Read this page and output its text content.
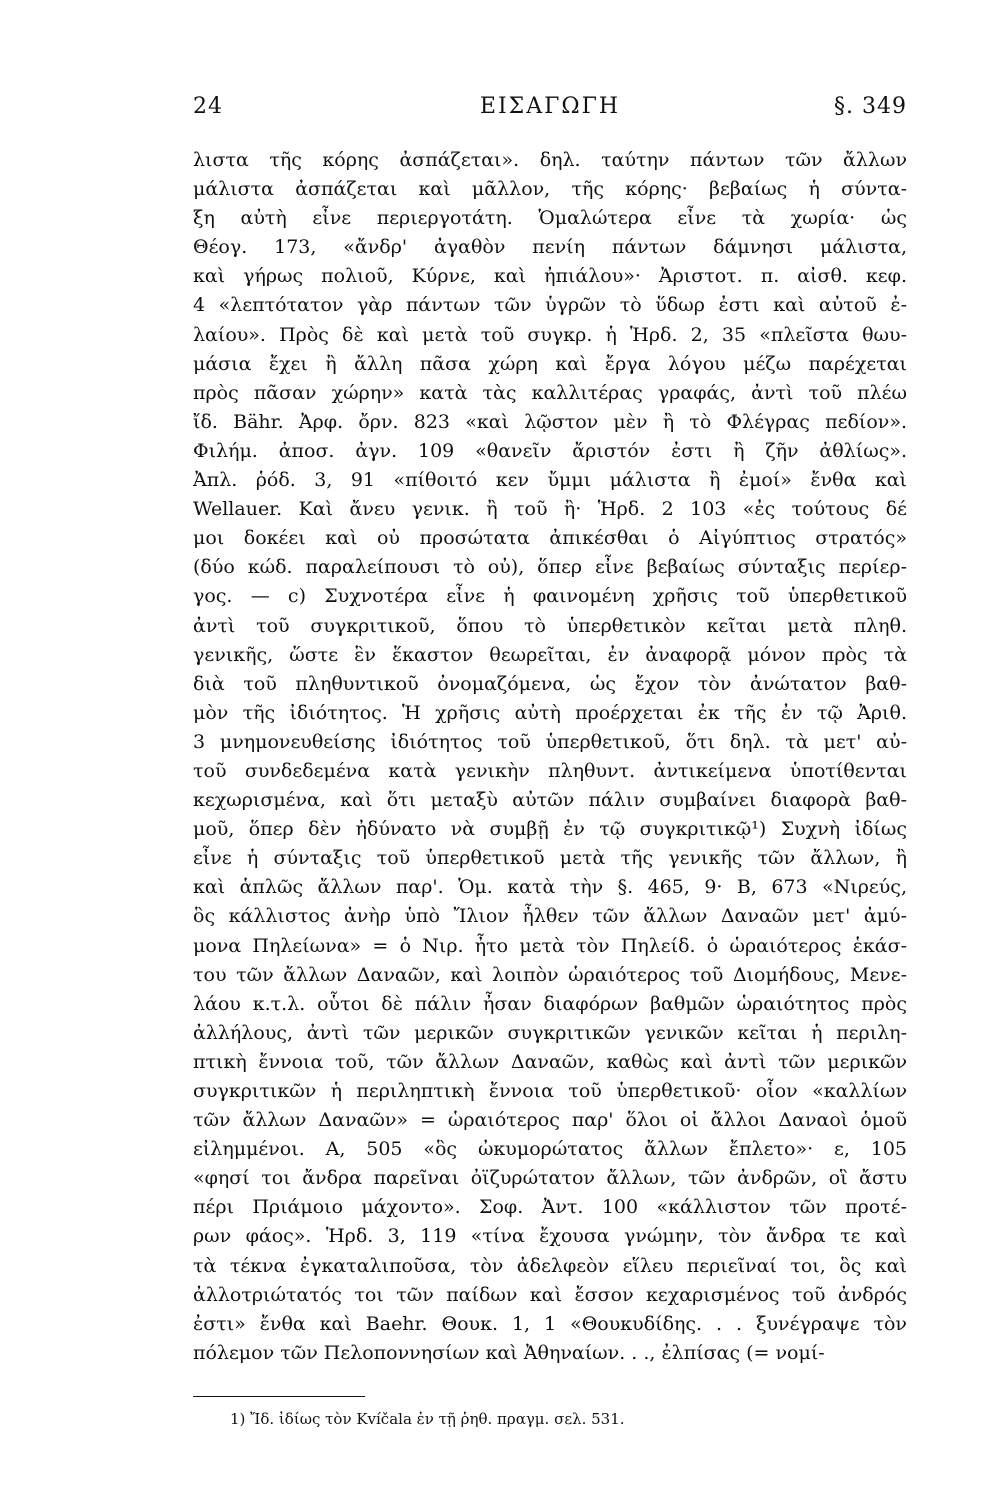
24	ΕΙΣΑΓΩΓΗ	§. 349
λιστα τῆς κόρης ἀσπάζεται». δηλ. ταύτην πάντων τῶν ἄλλων
μάλιστα ἀσπάζεται καὶ μᾶλλον, τῆς κόρης· βεβαίως ἡ σύντα-
ξη αὐτὴ εἶνε περιεργοτάτη. Ὁμαλώτερα εἶνε τὰ χωρία· ὡς
Θέογ. 173, «ἄνδρ' ἀγαθὸν πενίη πάντων δάμνησι μάλιστα,
καὶ γήρως πολιοῦ, Κύρνε, καὶ ἠπιάλου»· Ἀριστοτ. π. αἰσθ. κεφ.
4 «λεπτότατον γὰρ πάντων τῶν ὑγρῶν τὸ ὕδωρ ἐστι καὶ αὐτοῦ ἐ-
λαίου». Πρὸς δὲ καὶ μετὰ τοῦ συγκρ. ἡ Ἡρδ. 2, 35 «πλεῖστα θωυ-
μάσια ἔχει ἢ ἄλλη πᾶσα χώρη καὶ ἔργα λόγου μέζω παρέχεται
πρὸς πᾶσαν χώρην» κατὰ τὰς καλλιτέρας γραφάς, ἀντὶ τοῦ πλέω
ἴδ. Bähr. Ἀρφ. ὄρν. 823 «καὶ λῷστον μὲν ἢ τὸ Φλέγρας πεδίον».
Φιλήμ. ἀποσ. ἀγν. 109 «θανεῖν ἄριστόν ἐστι ἢ ζῆν ἀθλίως».
Ἀπλ. ῥόδ. 3, 91 «πίθοιτό κεν ὔμμι μάλιστα ἢ ἐμοί» ἔνθα καὶ
Wellauer. Καὶ ἄνευ γενικ. ἢ τοῦ ἢ· Ἡρδ. 2 103 «ἐς τούτους δέ
μοι δοκέει καὶ οὐ προσώτατα ἀπικέσθαι ὁ Αἰγύπτιος στρατός»
(δύο κώδ. παραλείπουσι τὸ οὐ), ὅπερ εἶνε βεβαίως σύνταξις περίερ-
γος. — c) Συχνοτέρα εἶνε ἡ φαινομένη χρῆσις τοῦ ὑπερθετικοῦ
ἀντὶ τοῦ συγκριτικοῦ, ὅπου τὸ ὑπερθετικὸν κεῖται μετὰ πληθ.
γενικῆς, ὥστε ἓν ἕκαστον θεωρεῖται, ἐν ἀναφορᾷ μόνον πρὸς τὰ
διὰ τοῦ πληθυντικοῦ ὀνομαζόμενα, ὡς ἔχον τὸν ἀνώτατον βαθ-
μὸν τῆς ἰδιότητος. Ἡ χρῆσις αὐτὴ προέρχεται ἐκ τῆς ἐν τῷ Ἀριθ.
3 μνημονευθείσης ἰδιότητος τοῦ ὑπερθετικοῦ, ὅτι δηλ. τὰ μετ' αὐ-
τοῦ συνδεδεμένα κατὰ γενικὴν πληθυντ. ἀντικείμενα ὑποτίθενται
κεχωρισμένα, καὶ ὅτι μεταξὺ αὐτῶν πάλιν συμβαίνει διαφορὰ βαθ-
μοῦ, ὅπερ δὲν ἠδύνατο νὰ συμβῇ ἐν τῷ συγκριτικῷ¹) Συχνὴ ἰδίως
εἶνε ἡ σύνταξις τοῦ ὑπερθετικοῦ μετὰ τῆς γενικῆς τῶν ἄλλων, ἢ
καὶ ἁπλῶς ἄλλων παρ'. Ὁμ. κατὰ τὴν §. 465, 9· Β, 673 «Νιρεύς,
ὃς κάλλιστος ἀνὴρ ὑπὸ Ἴλιον ἦλθεν τῶν ἄλλων Δαναῶν μετ' ἀμύ-
μονα Πηλείωνα» = ὁ Νιρ. ἦτο μετὰ τὸν Πηλείδ. ὁ ὡραιότερος ἑκάσ-
του τῶν ἄλλων Δαναῶν, καὶ λοιπὸν ὡραιότερος τοῦ Διομήδους, Μενε-
λάου κ.τ.λ. οὗτοι δὲ πάλιν ἦσαν διαφόρων βαθμῶν ὡραιότητος πρὸς
ἀλλήλους, ἀντὶ τῶν μερικῶν συγκριτικῶν γενικῶν κεῖται ἡ περιλη-
πτικὴ ἔννοια τοῦ, τῶν ἄλλων Δαναῶν, καθὼς καὶ ἀντὶ τῶν μερικῶν
συγκριτικῶν ἡ περιληπτικὴ ἔννοια τοῦ ὑπερθετικοῦ· οἷον «καλλίων
τῶν ἄλλων Δαναῶν» = ὡραιότερος παρ' ὅλοι οἱ ἄλλοι Δαναοὶ ὁμοῦ
εἰλημμένοι. Α, 505 «ὃς ὠκυμορώτατος ἄλλων ἔπλετο»· ε, 105
«φησί τοι ἄνδρα παρεῖναι ὀϊζυρώτατον ἄλλων, τῶν ἀνδρῶν, οἳ ἄστυ
πέρι Πριάμοιο μάχοντο». Σοφ. Ἀντ. 100 «κάλλιστον τῶν προτέ-
ρων φάος». Ἡρδ. 3, 119 «τίνα ἔχουσα γνώμην, τὸν ἄνδρα τε καὶ
τὰ τέκνα ἐγκαταλιποῦσα, τὸν ἀδελφεὸν εἵλευ περιεῖναί τοι, ὃς καὶ
ἀλλοτριώτατός τοι τῶν παίδων καὶ ἔσσον κεχαρισμένος τοῦ ἀνδρός
ἐστι» ἔνθα καὶ Baehr. Θουκ. 1, 1 «Θουκυδίδης. . . ξυνέγραψε τὸν
πόλεμον τῶν Πελοποννησίων καὶ Ἀθηναίων. . ., ἐλπίσας (= νομί-
1) Ἴδ. ἰδίως τὸν Kvíčala ἐν τῇ ῥηθ. πραγμ. σελ. 531.
